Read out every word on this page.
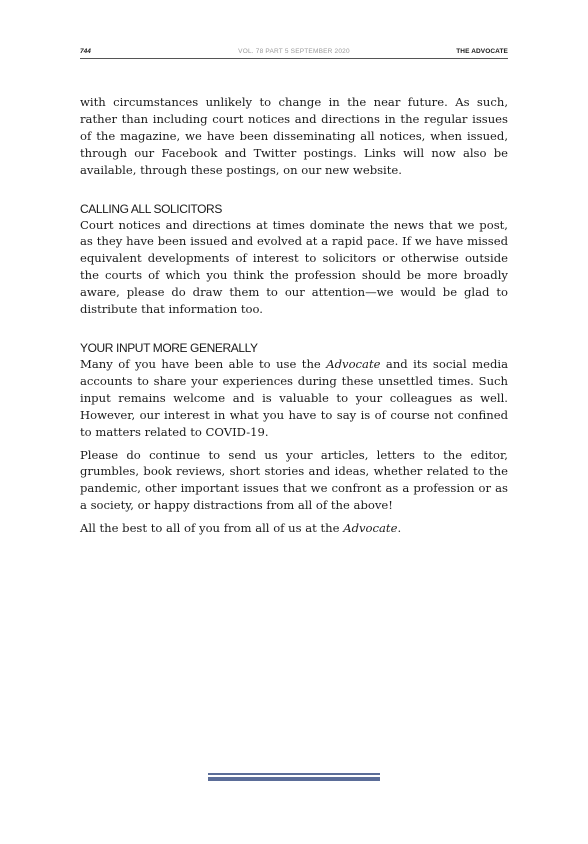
744	VOL. 78 PART 5 SEPTEMBER 2020	THE ADVOCATE

with circumstances unlikely to change in the near future. As such, rather than including court notices and directions in the regular issues of the magazine, we have been disseminating all notices, when issued, through our Facebook and Twitter postings. Links will now also be available, through these postings, on our new website.

CALLING ALL SOLICITORS

Court notices and directions at times dominate the news that we post, as they have been issued and evolved at a rapid pace. If we have missed equivalent developments of interest to solicitors or otherwise outside the courts of which you think the profession should be more broadly aware, please do draw them to our attention—we would be glad to distribute that information too.

YOUR INPUT MORE GENERALLY

Many of you have been able to use the Advocate and its social media accounts to share your experiences during these unsettled times. Such input remains welcome and is valuable to your colleagues as well. However, our interest in what you have to say is of course not confined to matters related to COVID-19.

Please do continue to send us your articles, letters to the editor, grumbles, book reviews, short stories and ideas, whether related to the pandemic, other important issues that we confront as a profession or as a society, or happy distractions from all of the above!

All the best to all of you from all of us at the Advocate.
